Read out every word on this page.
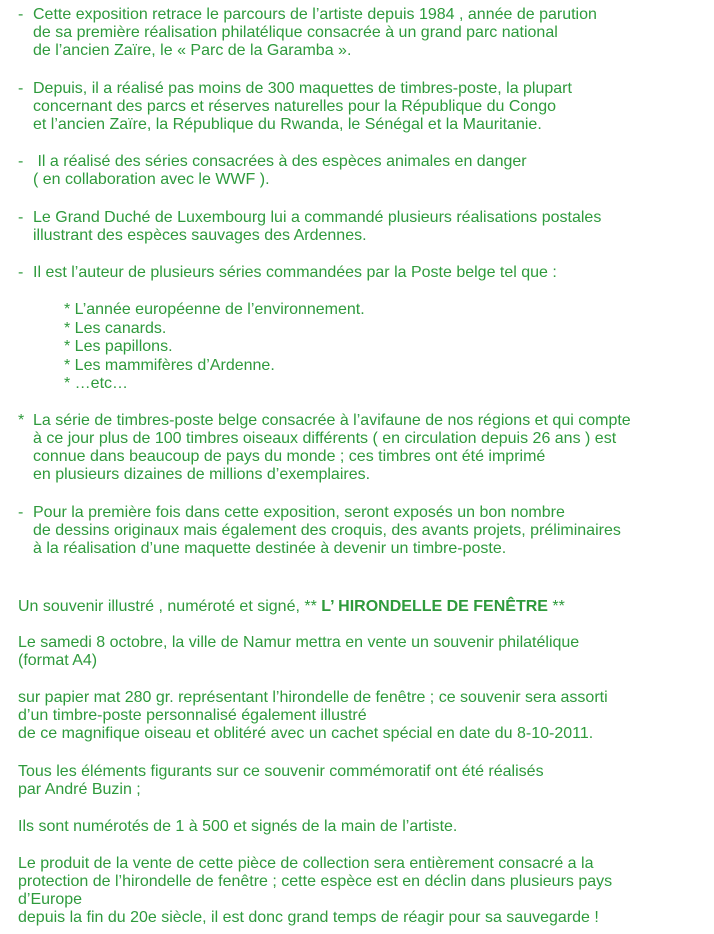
- Cette exposition retrace le parcours de l’artiste depuis 1984 , année de parution
de sa première réalisation philatélique consacrée à un grand parc national
de l’ancien Zaïre, le « Parc de la Garamba ».
- Depuis, il a réalisé pas moins de 300 maquettes de timbres-poste, la plupart
concernant des parcs et réserves naturelles pour la République du Congo
et l’ancien Zaïre, la République du Rwanda, le Sénégal et la Mauritanie.
- Il a réalisé des séries consacrées à des espèces animales en danger
( en collaboration avec le WWF ).
- Le Grand Duché de Luxembourg lui a commandé plusieurs réalisations postales
illustrant des espèces sauvages des Ardennes.
- Il est l’auteur de plusieurs séries commandées par la Poste belge tel que :
* L’année européenne de l’environnement.
* Les canards.
* Les papillons.
* Les mammifères d’Ardenne.
* …etc…
* La série de timbres-poste belge consacrée à l’avifaune de nos régions et qui compte
à ce jour plus de 100 timbres oiseaux différents ( en circulation depuis 26 ans ) est
connue dans beaucoup de pays du monde ; ces timbres ont été imprimé
en plusieurs dizaines de millions d’exemplaires.
- Pour la première fois dans cette exposition, seront exposés un bon nombre
de dessins originaux mais également des croquis, des avants projets, préliminaires
à la réalisation d’une maquette destinée à devenir un timbre-poste.
Un souvenir illustré , numéroté et signé, ** L’ HIRONDELLE DE FENÊTRE **
Le samedi 8 octobre, la ville de Namur mettra en vente un souvenir philatélique
(format A4)
sur papier mat 280 gr. représentant l’hirondelle de fenêtre ; ce souvenir sera assorti
d’un timbre-poste personnalisé également illustré
de ce magnifique oiseau et oblitéré avec un cachet spécial en date du 8-10-2011.
Tous les éléments figurants sur ce souvenir commémoratif ont été réalisés
par André Buzin ;
Ils sont numérotés de 1 à 500 et signés de la main de l’artiste.
Le produit de la vente de cette pièce de collection sera entièrement consacré a la
protection de l’hirondelle de fenêtre ; cette espèce est en déclin dans plusieurs pays
d’Europe
depuis la fin du 20e siècle, il est donc grand temps de réagir pour sa sauvegarde !
